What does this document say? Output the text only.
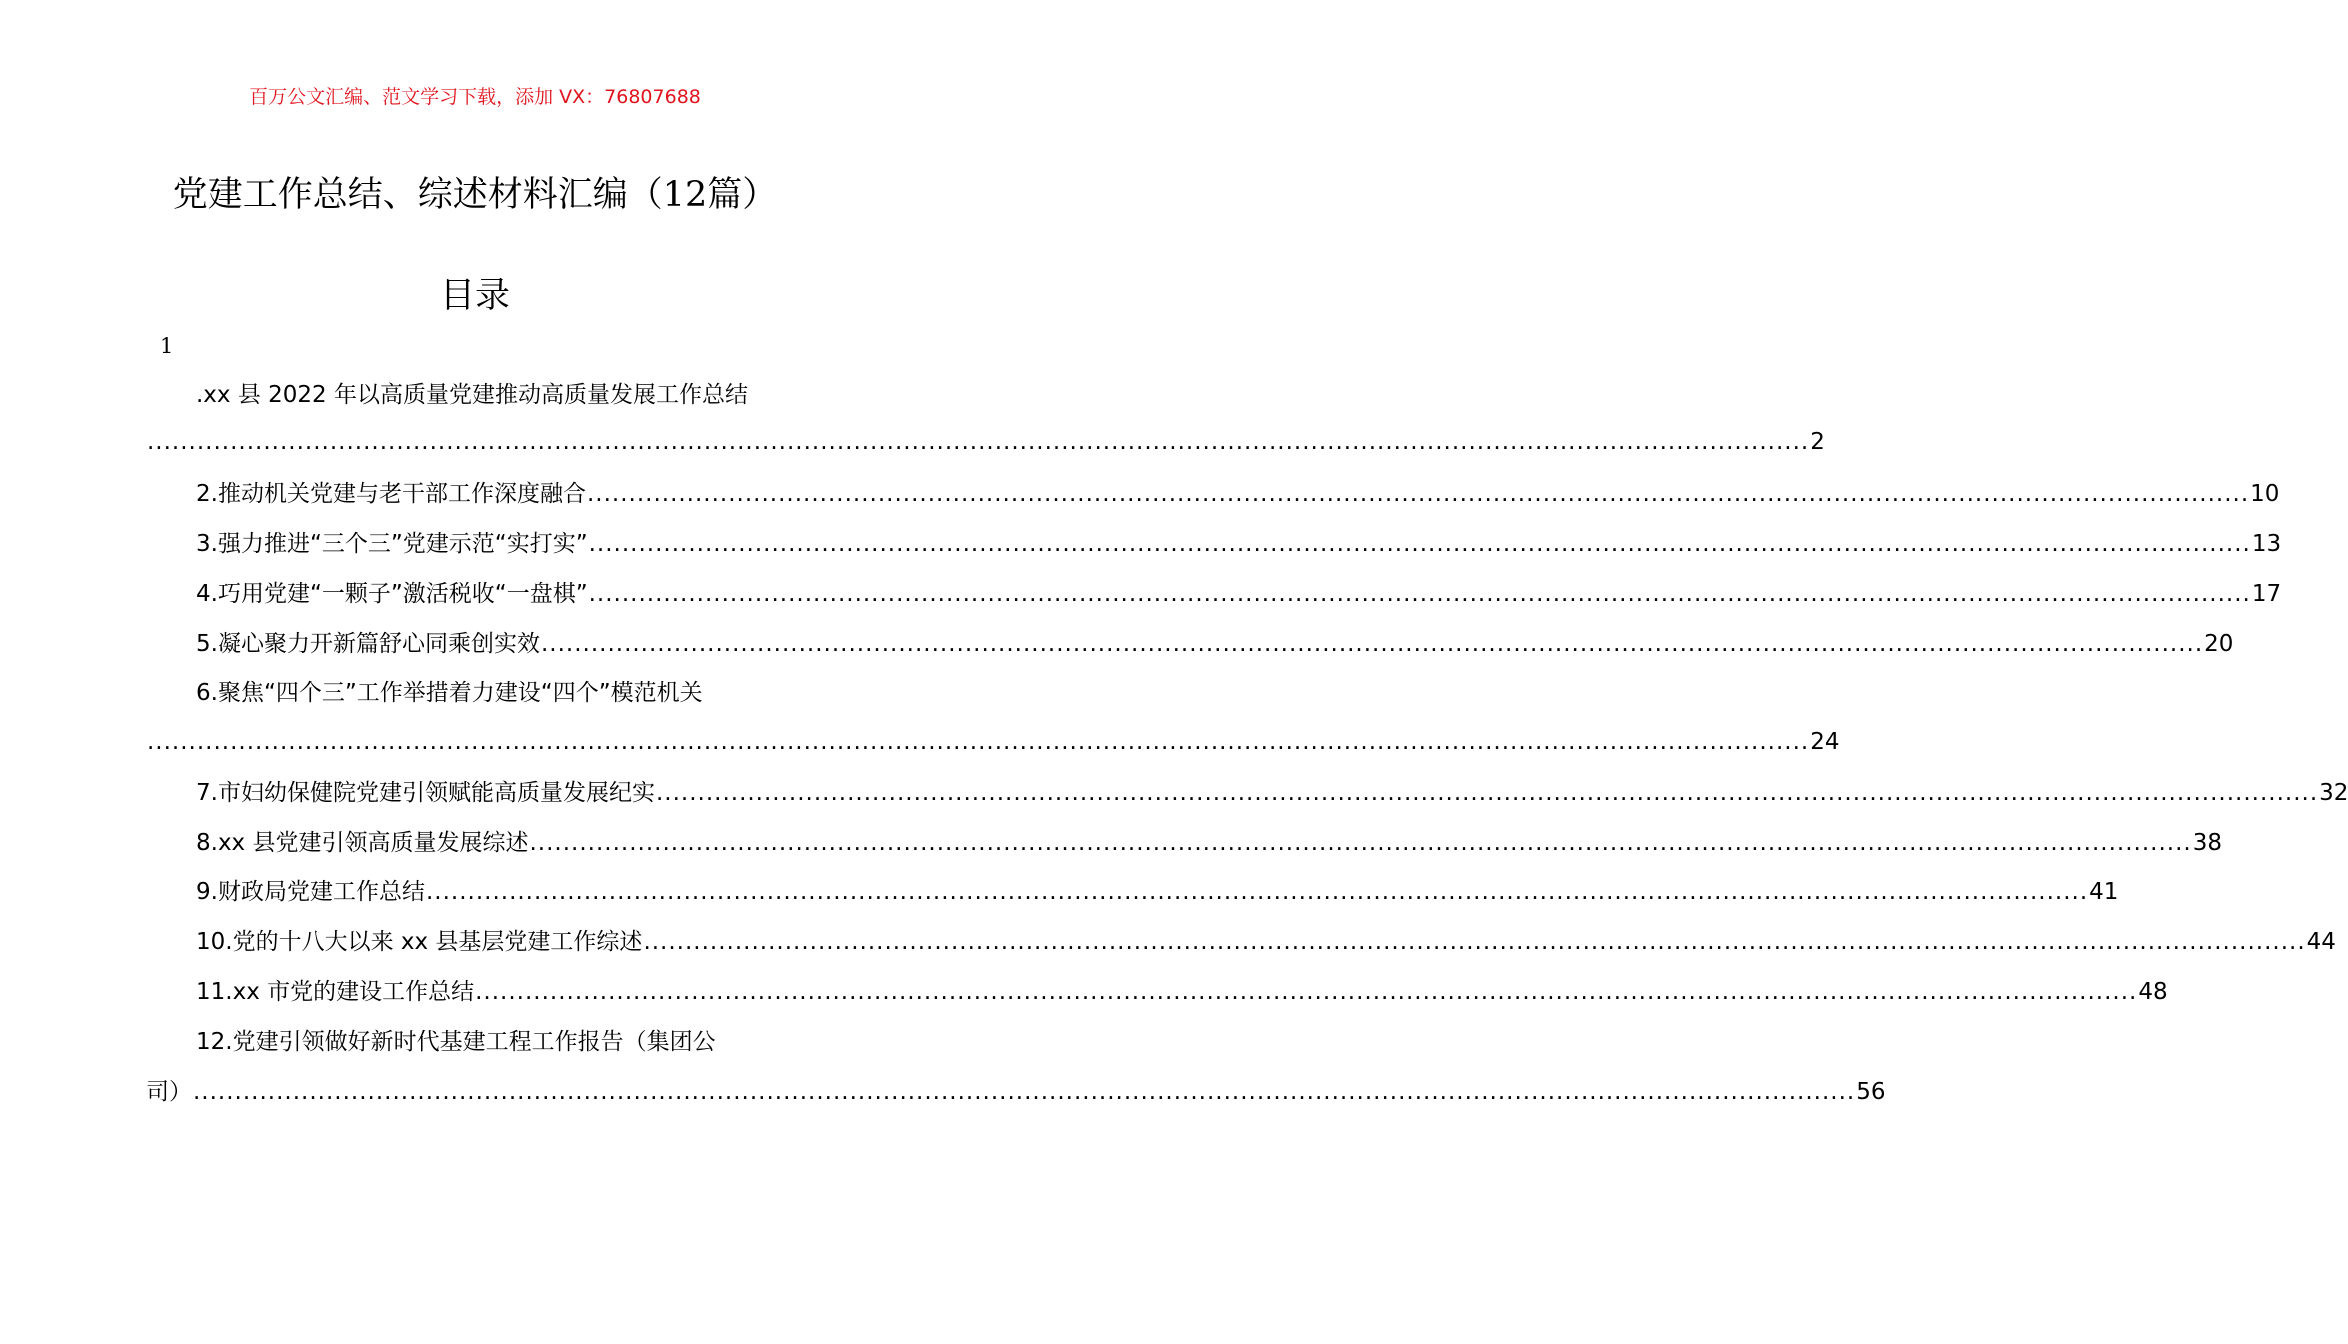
百万公文汇编、范文学习下载，添加 VX：76807688
党建工作总结、综述材料汇编（12篇）
目录
1
.xx 县 2022 年以高质量党建推动高质量发展工作总结
........................................................................................................................................................................................................ 2
2.推动机关党建与老干部工作深度融合 ........................................................................................................................................................................................................ 10
3.强力推进“三个三”党建示范“实打实” ........................................................................................................................................................................................................ 13
4.巧用党建“一颗子”激活税收“一盘棋” ........................................................................................................................................................................................................ 17
5.凝心聚力开新篇舒心同乘创实效 ........................................................................................................................................................................................................ 20
6.聚焦“四个三”工作举措着力建设“四个”模范机关
........................................................................................................................................................................................................ 24
7.市妇幼保健院党建引领赋能高质量发展纪实 ........................................................................................................................................................................................................ 32
8.xx 县党建引领高质量发展综述 ........................................................................................................................................................................................................ 38
9.财政局党建工作总结 ........................................................................................................................................................................................................ 41
10.党的十八大以来 xx 县基层党建工作综述 ........................................................................................................................................................................................................ 44
11.xx 市党的建设工作总结 ........................................................................................................................................................................................................ 48
12.党建引领做好新时代基建工程工作报告（集团公
司） ........................................................................................................................................................................................................ 56
